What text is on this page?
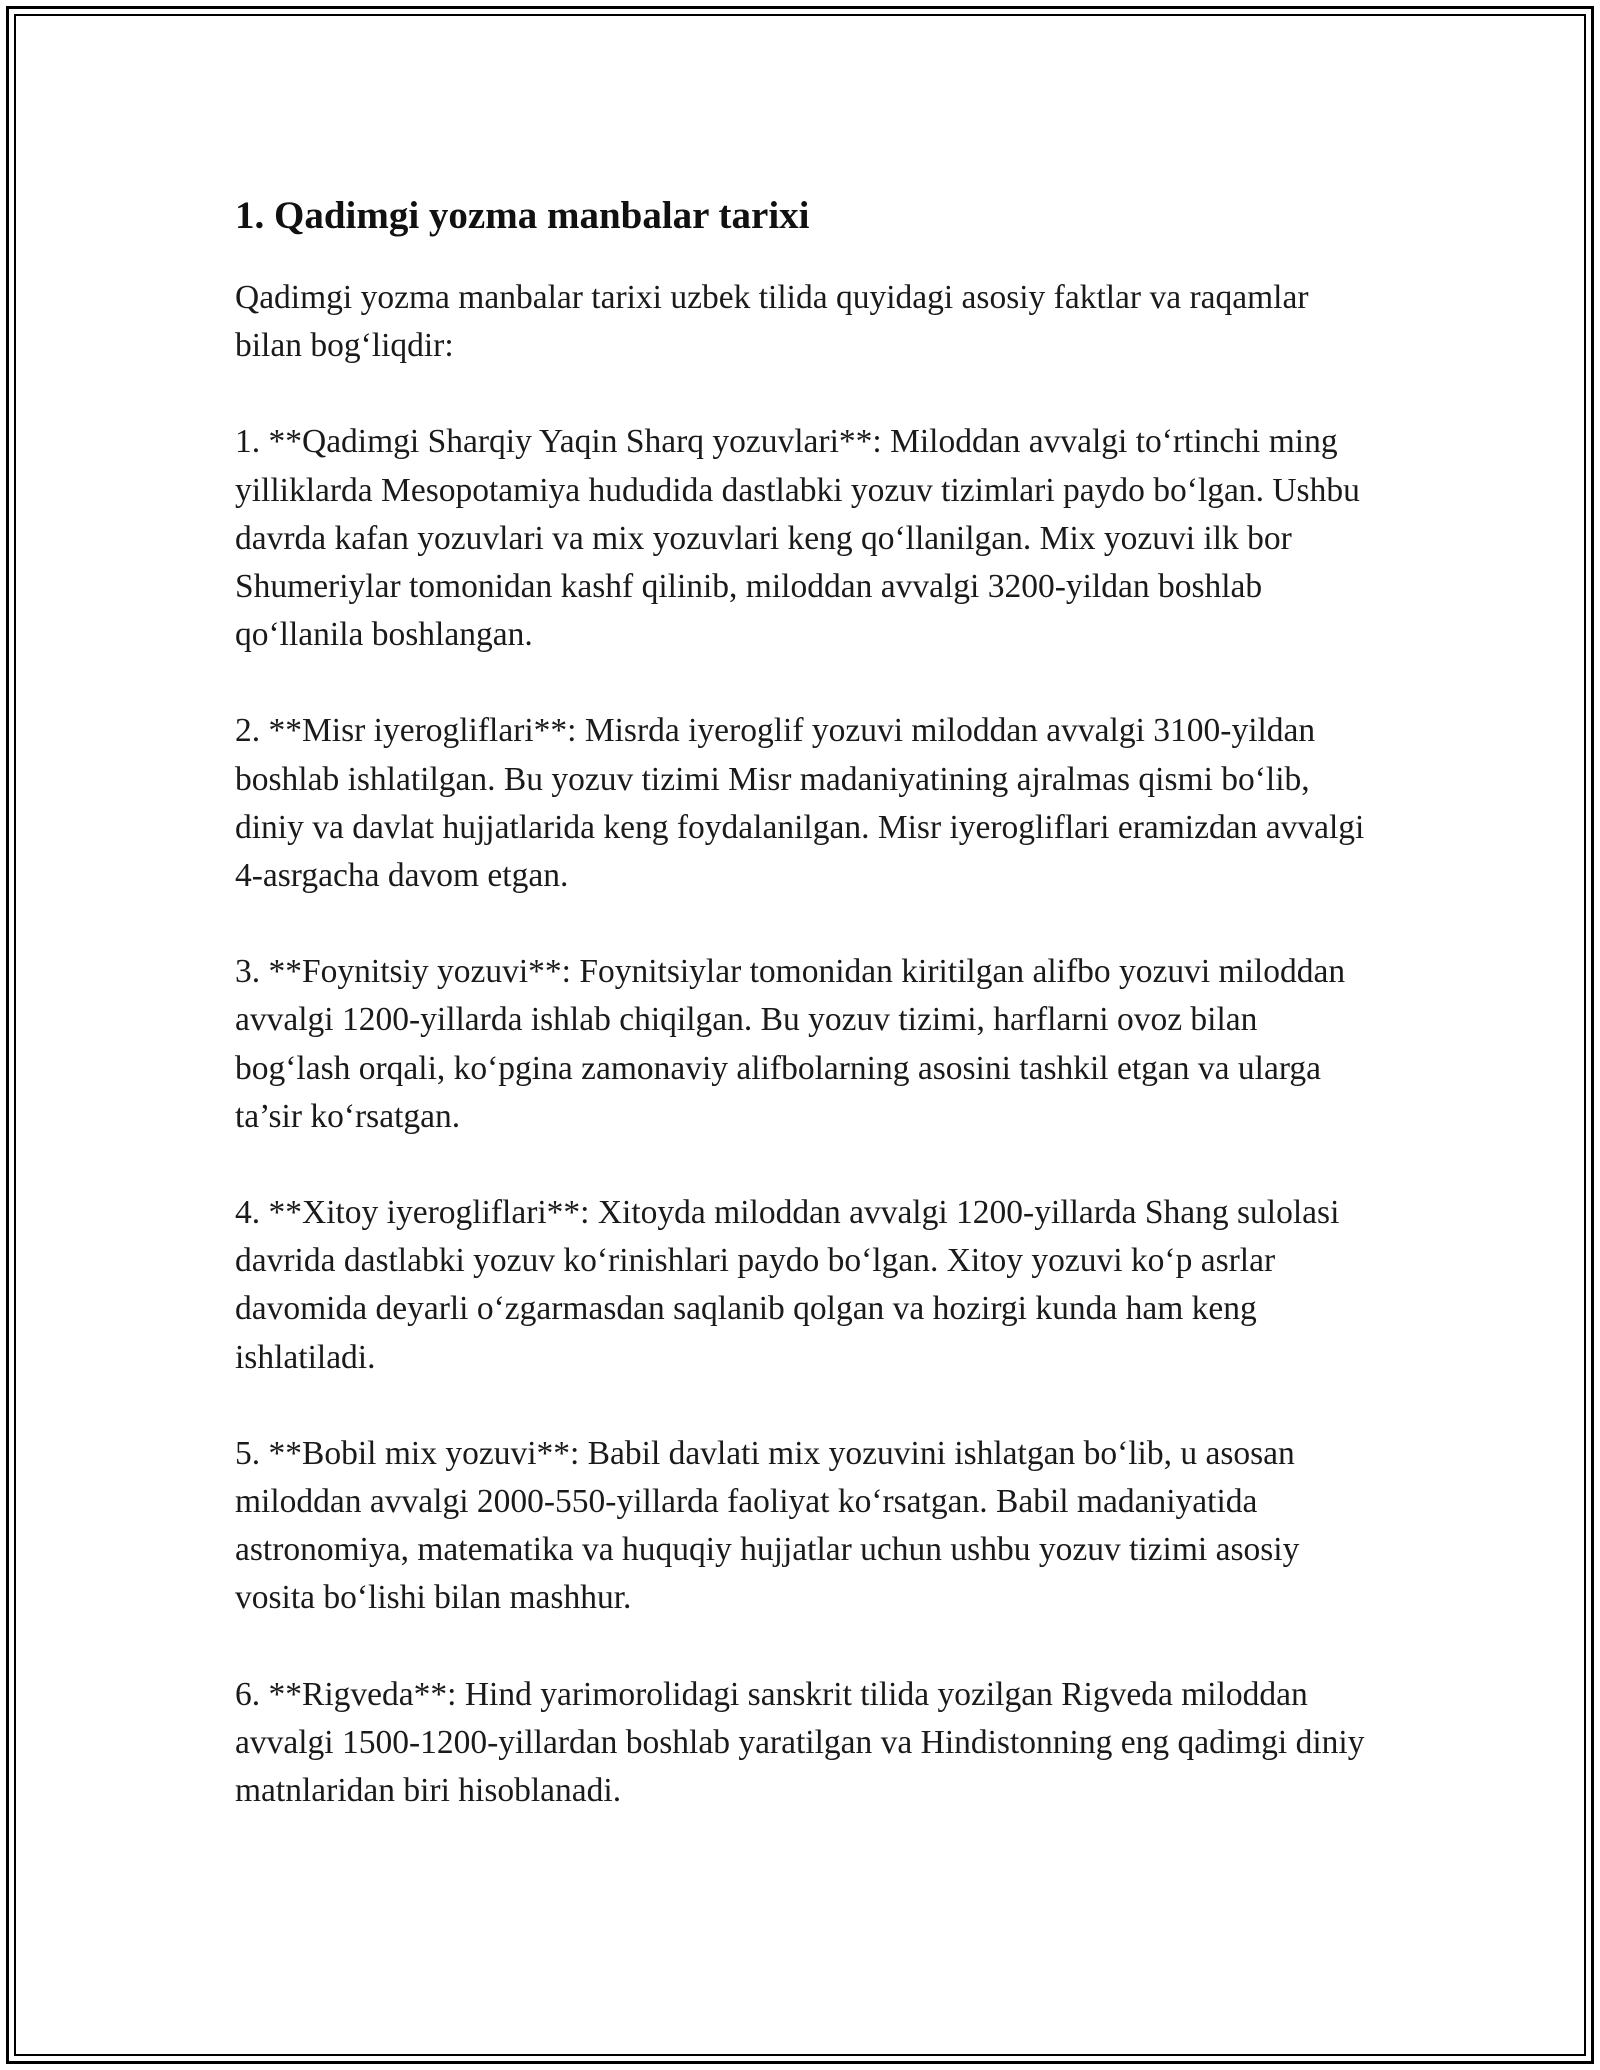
1. Qadimgi yozma manbalar tarixi

Qadimgi yozma manbalar tarixi uzbek tilida quyidagi asosiy faktlar va raqamlar bilan bog‘liqdir:

1. **Qadimgi Sharqiy Yaqin Sharq yozuvlari**: Miloddan avvalgi to‘rtinchi ming yilliklarda Mesopotamiya hududida dastlabki yozuv tizimlari paydo bo‘lgan. Ushbu davrda kafan yozuvlari va mix yozuvlari keng qo‘llanilgan. Mix yozuvi ilk bor Shumeriylar tomonidan kashf qilinib, miloddan avvalgi 3200-yildan boshlab qo‘llanila boshlangan.

2. **Misr iyerogliflari**: Misrda iyeroglif yozuvi miloddan avvalgi 3100-yildan boshlab ishlatilgan. Bu yozuv tizimi Misr madaniyatining ajralmas qismi bo‘lib, diniy va davlat hujjatlarida keng foydalanilgan. Misr iyerogliflari eramizdan avvalgi 4-asrgacha davom etgan.

3. **Foynitsiy yozuvi**: Foynitsiylar tomonidan kiritilgan alifbo yozuvi miloddan avvalgi 1200-yillarda ishlab chiqilgan. Bu yozuv tizimi, harflarni ovoz bilan bog‘lash orqali, ko‘pgina zamonaviy alifbolarning asosini tashkil etgan va ularga ta’sir ko‘rsatgan.

4. **Xitoy iyerogliflari**: Xitoyda miloddan avvalgi 1200-yillarda Shang sulolasi davrida dastlabki yozuv ko‘rinishlari paydo bo‘lgan. Xitoy yozuvi ko‘p asrlar davomida deyarli o‘zgarmasdan saqlanib qolgan va hozirgi kunda ham keng ishlatiladi.

5. **Bobil mix yozuvi**: Babil davlati mix yozuvini ishlatgan bo‘lib, u asosan miloddan avvalgi 2000-550-yillarda faoliyat ko‘rsatgan. Babil madaniyatida astronomiya, matematika va huquqiy hujjatlar uchun ushbu yozuv tizimi asosiy vosita bo‘lishi bilan mashhur.

6. **Rigveda**: Hind yarimorolidagi sanskrit tilida yozilgan Rigveda miloddan avvalgi 1500-1200-yillardan boshlab yaratilgan va Hindistonning eng qadimgi diniy matnlaridan biri hisoblanadi.
